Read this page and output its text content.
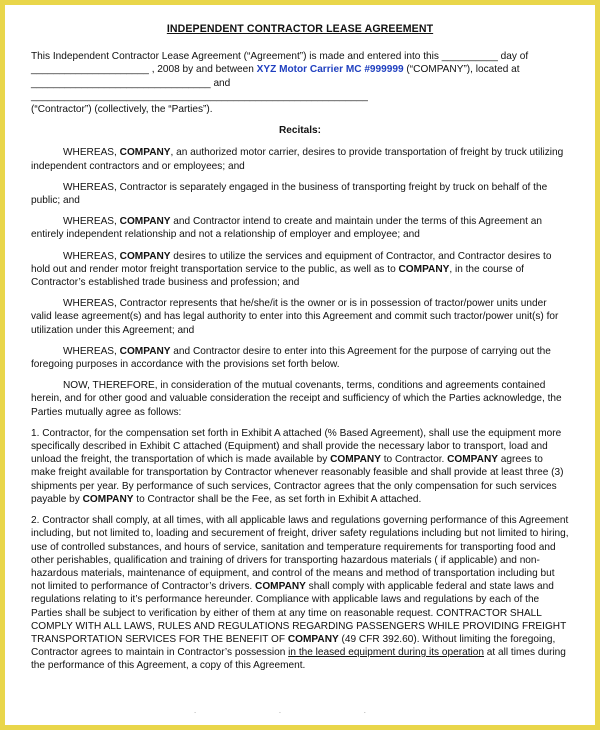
INDEPENDENT CONTRACTOR LEASE AGREEMENT

This Independent Contractor Lease Agreement (“Agreement”) is made and entered into this __________ day of
_____________________ , 2008 by and between XYZ Motor Carrier MC #999999 (“COMPANY”), located at
________________________________ and ____________________________________________________________
(“Contractor”) (collectively, the “Parties”).

Recitals:

WHEREAS, COMPANY, an authorized motor carrier, desires to provide transportation of freight by truck utilizing independent contractors and or employees; and

WHEREAS, Contractor is separately engaged in the business of transporting freight by truck on behalf of the public; and

WHEREAS, COMPANY and Contractor intend to create and maintain under the terms of this Agreement an entirely independent relationship and not a relationship of employer and employee; and

WHEREAS, COMPANY desires to utilize the services and equipment of Contractor, and Contractor desires to hold out and render motor freight transportation service to the public, as well as to COMPANY, in the course of Contractor’s established trade business and profession; and

WHEREAS, Contractor represents that he/she/it is the owner or is in possession of tractor/power units under valid lease agreement(s) and has legal authority to enter into this Agreement and commit such tractor/power unit(s) for utilization under this Agreement; and

WHEREAS, COMPANY and Contractor desire to enter into this Agreement for the purpose of carrying out the foregoing purposes in accordance with the provisions set forth below.

NOW, THEREFORE, in consideration of the mutual covenants, terms, conditions and agreements contained herein, and for other good and valuable consideration the receipt and sufficiency of which the Parties acknowledge, the Parties mutually agree as follows:

1. Contractor, for the compensation set forth in Exhibit A attached (% Based Agreement), shall use the equipment more specifically described in Exhibit C attached (Equipment) and shall provide the necessary labor to transport, load and unload the freight, the transportation of which is made available by COMPANY to Contractor. COMPANY agrees to make freight available for transportation by Contractor whenever reasonably feasible and shall provide at least three (3) shipments per year. By performance of such services, Contractor agrees that the only compensation for such services payable by COMPANY to Contractor shall be the Fee, as set forth in Exhibit A attached.

2. Contractor shall comply, at all times, with all applicable laws and regulations governing performance of this Agreement including, but not limited to, loading and securement of freight, driver safety regulations including but not limited to hiring, use of controlled substances, and hours of service, sanitation and temperature requirements for transporting food and other perishables, qualification and training of drivers for transporting hazardous materials ( if applicable) and non-hazardous materials, maintenance of equipment, and control of the means and method of transportation including but not limited to performance of Contractor’s drivers. COMPANY shall comply with applicable federal and state laws and regulations relating to it’s performance hereunder. Compliance with applicable laws and regulations by each of the Parties shall be subject to verification by either of them at any time on reasonable request. CONTRACTOR SHALL COMPLY WITH ALL LAWS, RULES AND REGULATIONS REGARDING PASSENGERS WHILE PROVIDING FREIGHT TRANSPORTATION SERVICES FOR THE BENEFIT OF COMPANY (49 CFR 392.60). Without limiting the foregoing, Contractor agrees to maintain in Contractor’s possession in the leased equipment during its operation at all times during the performance of this Agreement, a copy of this Agreement.

· · ·
